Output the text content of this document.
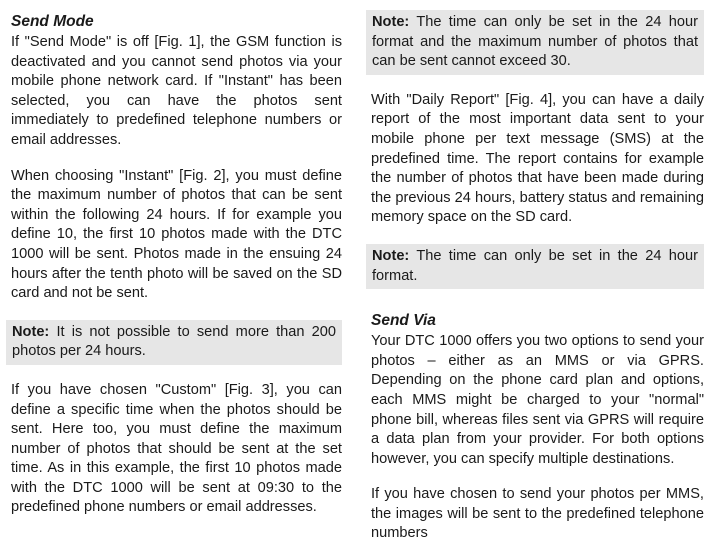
Send Mode

If "Send Mode" is off [Fig. 1], the GSM function is deactivated and you cannot send photos via your mobile phone network card. If "Instant" has been selected, you can have the photos sent immediately to predefined telephone numbers or email addresses.

When choosing "Instant" [Fig. 2], you must define the maximum number of photos that can be sent within the following 24 hours. If for example you define 10, the first 10 photos made with the DTC 1000 will be sent. Photos made in the ensuing 24 hours after the tenth photo will be saved on the SD card and not be sent.

Note: It is not possible to send more than 200 photos per 24 hours.

If you have chosen "Custom" [Fig. 3], you can define a specific time when the photos should be sent. Here too, you must define the maximum number of photos that should be sent at the set time. As in this example, the first 10 photos made with the DTC 1000 will be sent at 09:30 to the predefined phone numbers or email addresses.

Note: The time can only be set in the 24 hour format and the maximum number of photos that can be sent cannot exceed 30.

With "Daily Report" [Fig. 4], you can have a daily report of the most important data sent to your mobile phone per text message (SMS) at the predefined time. The report contains for example the number of photos that have been made during the previous 24 hours, battery status and remaining memory space on the SD card.

Note: The time can only be set in the 24 hour format.
Send Via

Your DTC 1000 offers you two options to send your photos – either as an MMS or via GPRS. Depending on the phone card plan and options, each MMS might be charged to your "normal" phone bill, whereas files sent via GPRS will require a data plan from your provider. For both options however, you can specify multiple destinations.

If you have chosen to send your photos per MMS, the images will be sent to the predefined telephone numbers
